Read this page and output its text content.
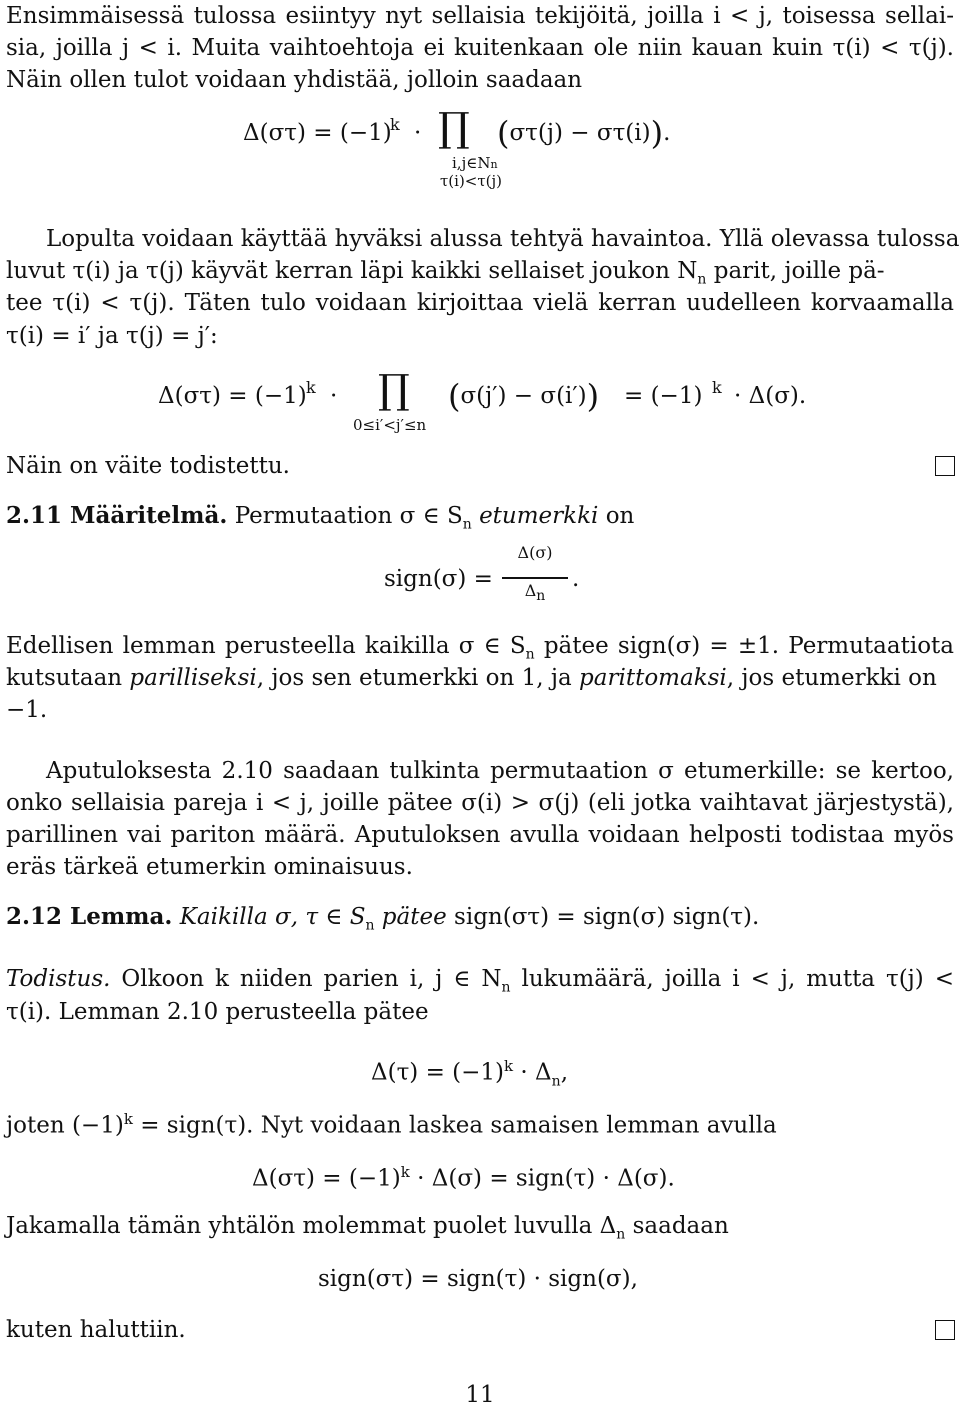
Ensimmäisessä tulossa esiintyy nyt sellaisia tekijöitä, joilla i < j, toisessa sellai-
sia, joilla j < i. Muita vaihtoehtoja ei kuitenkaan ole niin kauan kuin τ(i) < τ(j).
Näin ollen tulot voidaan yhdistää, jolloin saadaan
Δ(στ) = (−1)
k · ∏ (στ(j) − στ(i)).
i,j∈Nn
τ(i)<τ(j)
Lopulta voidaan käyttää hyväksi alussa tehtyä havaintoa. Yllä olevassa tulossa
luvut τ(i) ja τ(j) käyvät kerran läpi kaikki sellaiset joukon $N_n$ parit, joille pä-
tee τ(i) < τ(j). Täten tulo voidaan kirjoittaa vielä kerran uudelleen korvaamalla
τ(i) = i′ ja τ(j) = j′:
Δ(στ) = (−1) k · ∏ (σ(j′) − σ(i′)) = (−1) k · Δ(σ).
0≤i′<j′≤n
Näin on väite todistettu.
2.11 Määritelmä. Permutaation σ ∈ $S_n$ etumerkki on
sign(σ) =
Δ(σ)
$\Delta_n$
.
Edellisen lemman perusteella kaikilla σ ∈ $S_n$ pätee sign(σ) = ±1. Permutaatiota
kutsutaan parilliseksi, jos sen etumerkki on 1, ja parittomaksi, jos etumerkki on
−1.
Aputuloksesta 2.10 saadaan tulkinta permutaation σ etumerkille: se kertoo,
onko sellaisia pareja i < j, joille pätee σ(i) > σ(j) (eli jotka vaihtavat järjestystä),
parillinen vai pariton määrä. Aputuloksen avulla voidaan helposti todistaa myös
eräs tärkeä etumerkin ominaisuus.
2.12 Lemma. Kaikilla σ, τ ∈ $S_n$ pätee sign(στ) = sign(σ) sign(τ).
Todistus. Olkoon k niiden parien i, j ∈ $N_n$ lukumäärä, joilla i < j, mutta τ(j) <
τ(i). Lemman 2.10 perusteella pätee
$\Delta(\tau) = (-1)^k \cdot \Delta_n$,
joten $(-1)^k$ = sign(τ). Nyt voidaan laskea samaisen lemman avulla
$\Delta(\sigma\tau) = (-1)^k \cdot \Delta(\sigma)$ = sign(τ) · Δ(σ).
Jakamalla tämän yhtälön molemmat puolet luvulla $\Delta_n$ saadaan
sign(στ) = sign(τ) · sign(σ),
kuten haluttiin.
11
